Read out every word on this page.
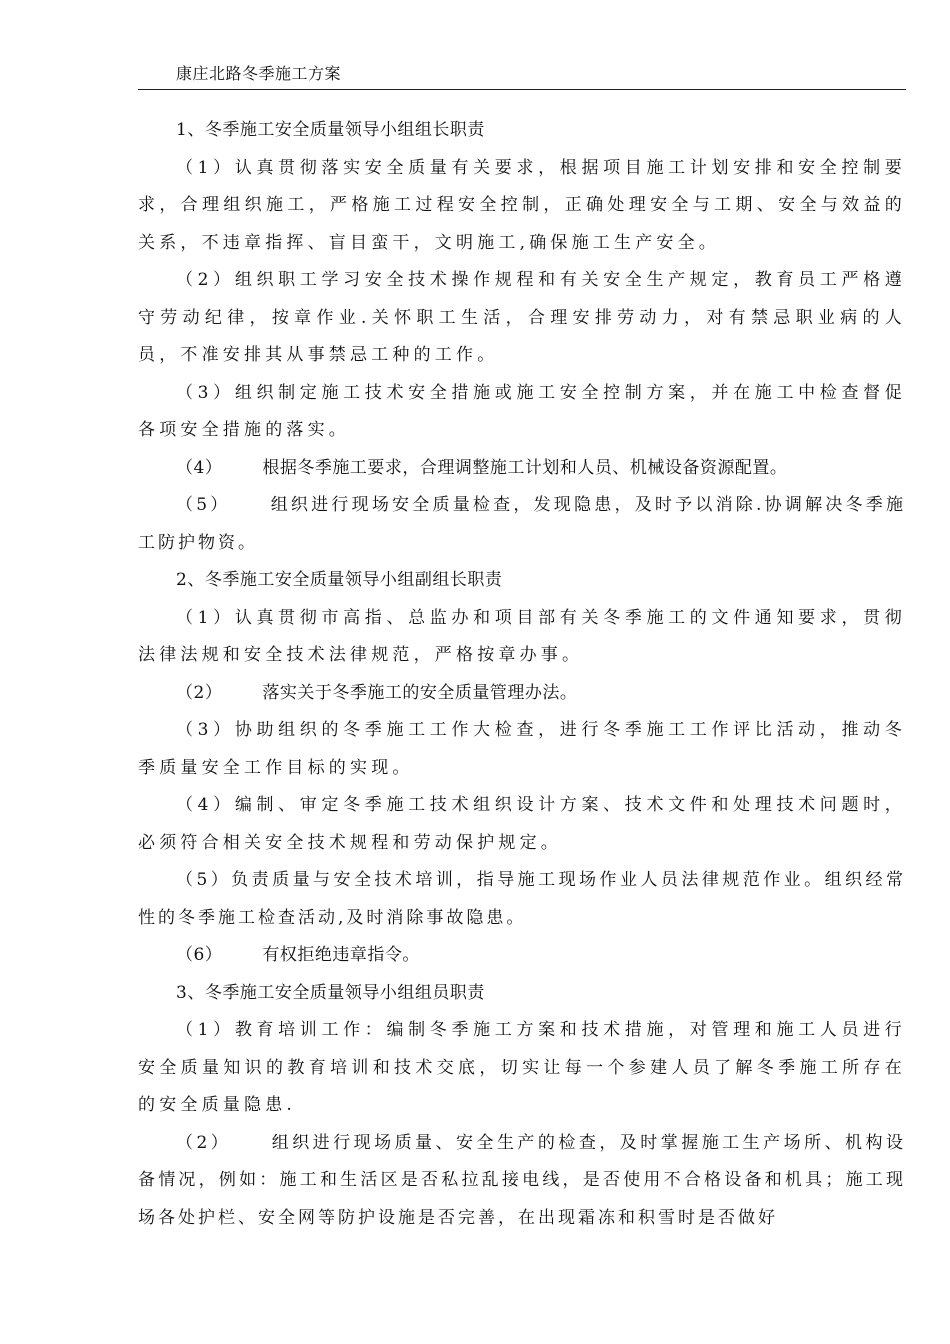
康庄北路冬季施工方案

1、冬季施工安全质量领导小组组长职责

（1）认真贯彻落实安全质量有关要求，根据项目施工计划安排和安全控制要求，合理组织施工，严格施工过程安全控制，正确处理安全与工期、安全与效益的关系，不违章指挥、盲目蛮干，文明施工,确保施工生产安全。

（2）组织职工学习安全技术操作规程和有关安全生产规定，教育员工严格遵守劳动纪律，按章作业.关怀职工生活，合理安排劳动力，对有禁忌职业病的人员，不准安排其从事禁忌工种的工作。

（3）组织制定施工技术安全措施或施工安全控制方案，并在施工中检查督促各项安全措施的落实。

（4） 根据冬季施工要求，合理调整施工计划和人员、机械设备资源配置。

（5） 组织进行现场安全质量检查，发现隐患，及时予以消除.协调解决冬季施工防护物资。

2、冬季施工安全质量领导小组副组长职责

（1）认真贯彻市高指、总监办和项目部有关冬季施工的文件通知要求，贯彻法律法规和安全技术法律规范，严格按章办事。

（2） 落实关于冬季施工的安全质量管理办法。

（3）协助组织的冬季施工工作大检查，进行冬季施工工作评比活动，推动冬季质量安全工作目标的实现。

（4）编制、审定冬季施工技术组织设计方案、技术文件和处理技术问题时，必须符合相关安全技术规程和劳动保护规定。

（5）负责质量与安全技术培训，指导施工现场作业人员法律规范作业。组织经常性的冬季施工检查活动,及时消除事故隐患。

（6） 有权拒绝违章指令。

3、冬季施工安全质量领导小组组员职责

（1）教育培训工作：编制冬季施工方案和技术措施，对管理和施工人员进行安全质量知识的教育培训和技术交底，切实让每一个参建人员了解冬季施工所存在的安全质量隐患.

（2） 组织进行现场质量、安全生产的检查，及时掌握施工生产场所、机构设备情况，例如：施工和生活区是否私拉乱接电线，是否使用不合格设备和机具；施工现场各处护栏、安全网等防护设施是否完善，在出现霜冻和积雪时是否做好
